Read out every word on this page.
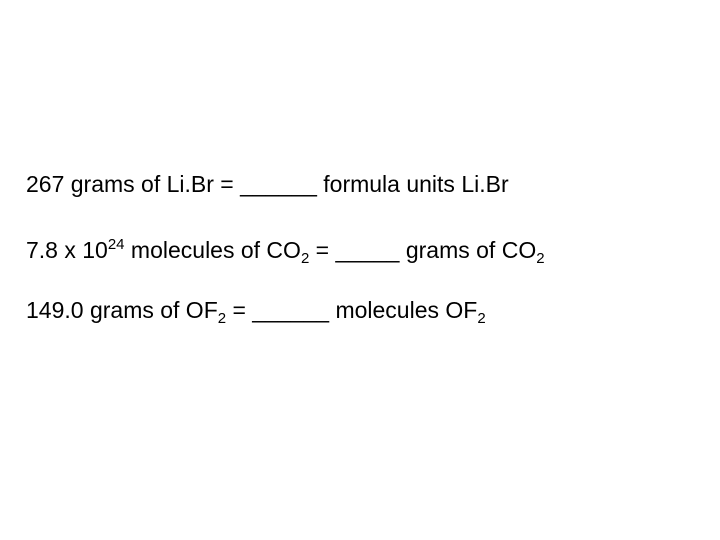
267 grams of Li.Br = ______ formula units Li.Br
7.8 x $10^{24}$ molecules of $CO_2$ = _____ grams of $CO_2$
149.0 grams of $OF_2$ = ______ molecules $OF_2$
